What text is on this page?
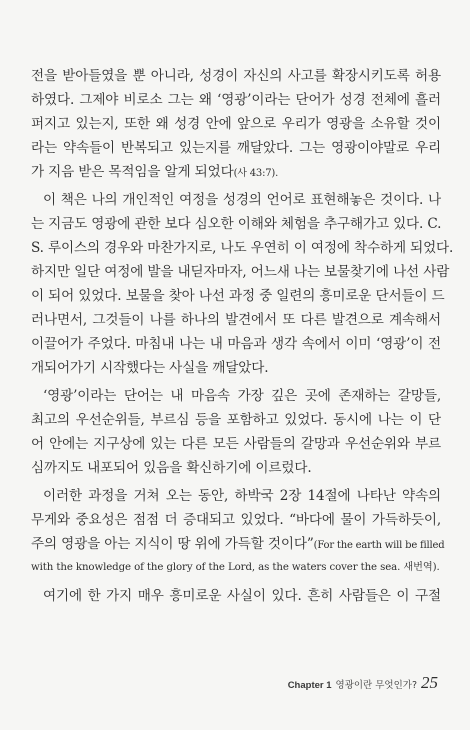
전을 받아들였을 뿐 아니라, 성경이 자신의 사고를 확장시키도록 허용
하였다. 그제야 비로소 그는 왜 ‘영광’이라는 단어가 성경 전체에 흘러
퍼지고 있는지, 또한 왜 성경 안에 앞으로 우리가 영광을 소유할 것이
라는 약속들이 반복되고 있는지를 깨달았다. 그는 영광이야말로 우리
가 지음 받은 목적임을 알게 되었다(사 43:7).
이 책은 나의 개인적인 여정을 성경의 언어로 표현해놓은 것이다. 나
는 지금도 영광에 관한 보다 심오한 이해와 체험을 추구해가고 있다. C.
S. 루이스의 경우와 마찬가지로, 나도 우연히 이 여정에 착수하게 되었다.
하지만 일단 여정에 발을 내딛자마자, 어느새 나는 보물찾기에 나선 사람
이 되어 있었다. 보물을 찾아 나선 과정 중 일련의 흥미로운 단서들이 드
러나면서, 그것들이 나를 하나의 발견에서 또 다른 발견으로 계속해서
이끌어가 주었다. 마침내 나는 내 마음과 생각 속에서 이미 ‘영광’이 전
개되어가기 시작했다는 사실을 깨달았다.
‘영광’이라는 단어는 내 마음속 가장 깊은 곳에 존재하는 갈망들,
최고의 우선순위들, 부르심 등을 포함하고 있었다. 동시에 나는 이 단
어 안에는 지구상에 있는 다른 모든 사람들의 갈망과 우선순위와 부르
심까지도 내포되어 있음을 확신하기에 이르렀다.
이러한 과정을 거쳐 오는 동안, 하박국 2장 14절에 나타난 약속의
무게와 중요성은 점점 더 증대되고 있었다. “바다에 물이 가득하듯이,
주의 영광을 아는 지식이 땅 위에 가득할 것이다”(For the earth will be filled
with the knowledge of the glory of the Lord, as the waters cover the sea. 새번역).
여기에 한 가지 매우 흥미로운 사실이 있다. 흔히 사람들은 이 구절
Chapter 1 영광이란 무엇인가? 25
